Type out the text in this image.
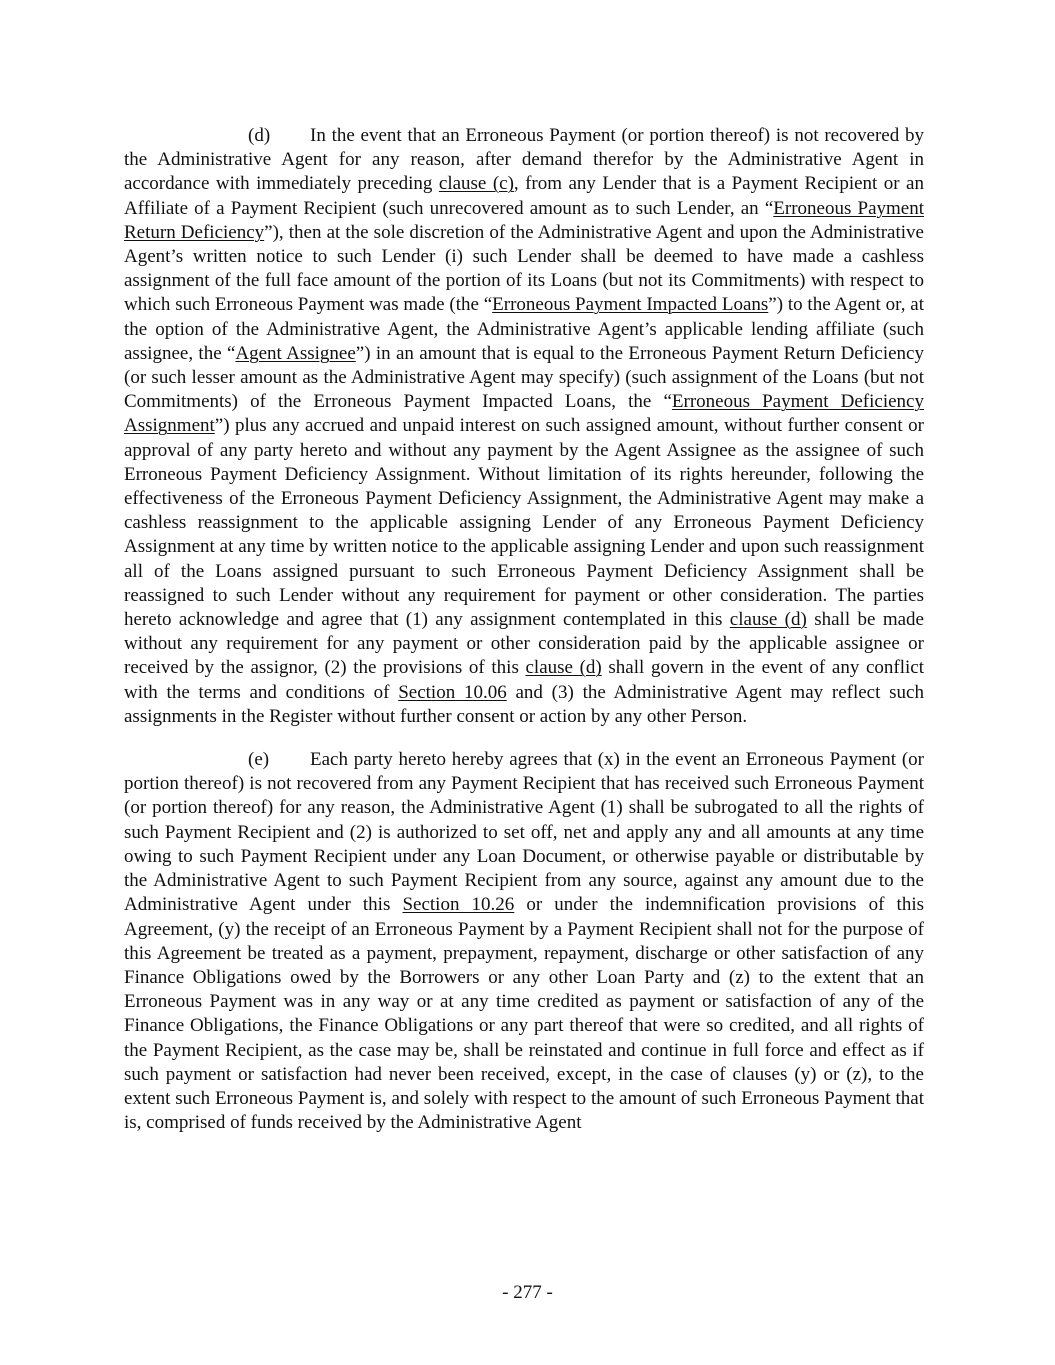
(d) In the event that an Erroneous Payment (or portion thereof) is not recovered by the Administrative Agent for any reason, after demand therefor by the Administrative Agent in accordance with immediately preceding clause (c), from any Lender that is a Payment Recipient or an Affiliate of a Payment Recipient (such unrecovered amount as to such Lender, an “Erroneous Payment Return Deficiency”), then at the sole discretion of the Administrative Agent and upon the Administrative Agent’s written notice to such Lender (i) such Lender shall be deemed to have made a cashless assignment of the full face amount of the portion of its Loans (but not its Commitments) with respect to which such Erroneous Payment was made (the “Erroneous Payment Impacted Loans”) to the Agent or, at the option of the Administrative Agent, the Administrative Agent’s applicable lending affiliate (such assignee, the “Agent Assignee”) in an amount that is equal to the Erroneous Payment Return Deficiency (or such lesser amount as the Administrative Agent may specify) (such assignment of the Loans (but not Commitments) of the Erroneous Payment Impacted Loans, the “Erroneous Payment Deficiency Assignment”) plus any accrued and unpaid interest on such assigned amount, without further consent or approval of any party hereto and without any payment by the Agent Assignee as the assignee of such Erroneous Payment Deficiency Assignment. Without limitation of its rights hereunder, following the effectiveness of the Erroneous Payment Deficiency Assignment, the Administrative Agent may make a cashless reassignment to the applicable assigning Lender of any Erroneous Payment Deficiency Assignment at any time by written notice to the applicable assigning Lender and upon such reassignment all of the Loans assigned pursuant to such Erroneous Payment Deficiency Assignment shall be reassigned to such Lender without any requirement for payment or other consideration. The parties hereto acknowledge and agree that (1) any assignment contemplated in this clause (d) shall be made without any requirement for any payment or other consideration paid by the applicable assignee or received by the assignor, (2) the provisions of this clause (d) shall govern in the event of any conflict with the terms and conditions of Section 10.06 and (3) the Administrative Agent may reflect such assignments in the Register without further consent or action by any other Person.

(e) Each party hereto hereby agrees that (x) in the event an Erroneous Payment (or portion thereof) is not recovered from any Payment Recipient that has received such Erroneous Payment (or portion thereof) for any reason, the Administrative Agent (1) shall be subrogated to all the rights of such Payment Recipient and (2) is authorized to set off, net and apply any and all amounts at any time owing to such Payment Recipient under any Loan Document, or otherwise payable or distributable by the Administrative Agent to such Payment Recipient from any source, against any amount due to the Administrative Agent under this Section 10.26 or under the indemnification provisions of this Agreement, (y) the receipt of an Erroneous Payment by a Payment Recipient shall not for the purpose of this Agreement be treated as a payment, prepayment, repayment, discharge or other satisfaction of any Finance Obligations owed by the Borrowers or any other Loan Party and (z) to the extent that an Erroneous Payment was in any way or at any time credited as payment or satisfaction of any of the Finance Obligations, the Finance Obligations or any part thereof that were so credited, and all rights of the Payment Recipient, as the case may be, shall be reinstated and continue in full force and effect as if such payment or satisfaction had never been received, except, in the case of clauses (y) or (z), to the extent such Erroneous Payment is, and solely with respect to the amount of such Erroneous Payment that is, comprised of funds received by the Administrative Agent

- 277 -
